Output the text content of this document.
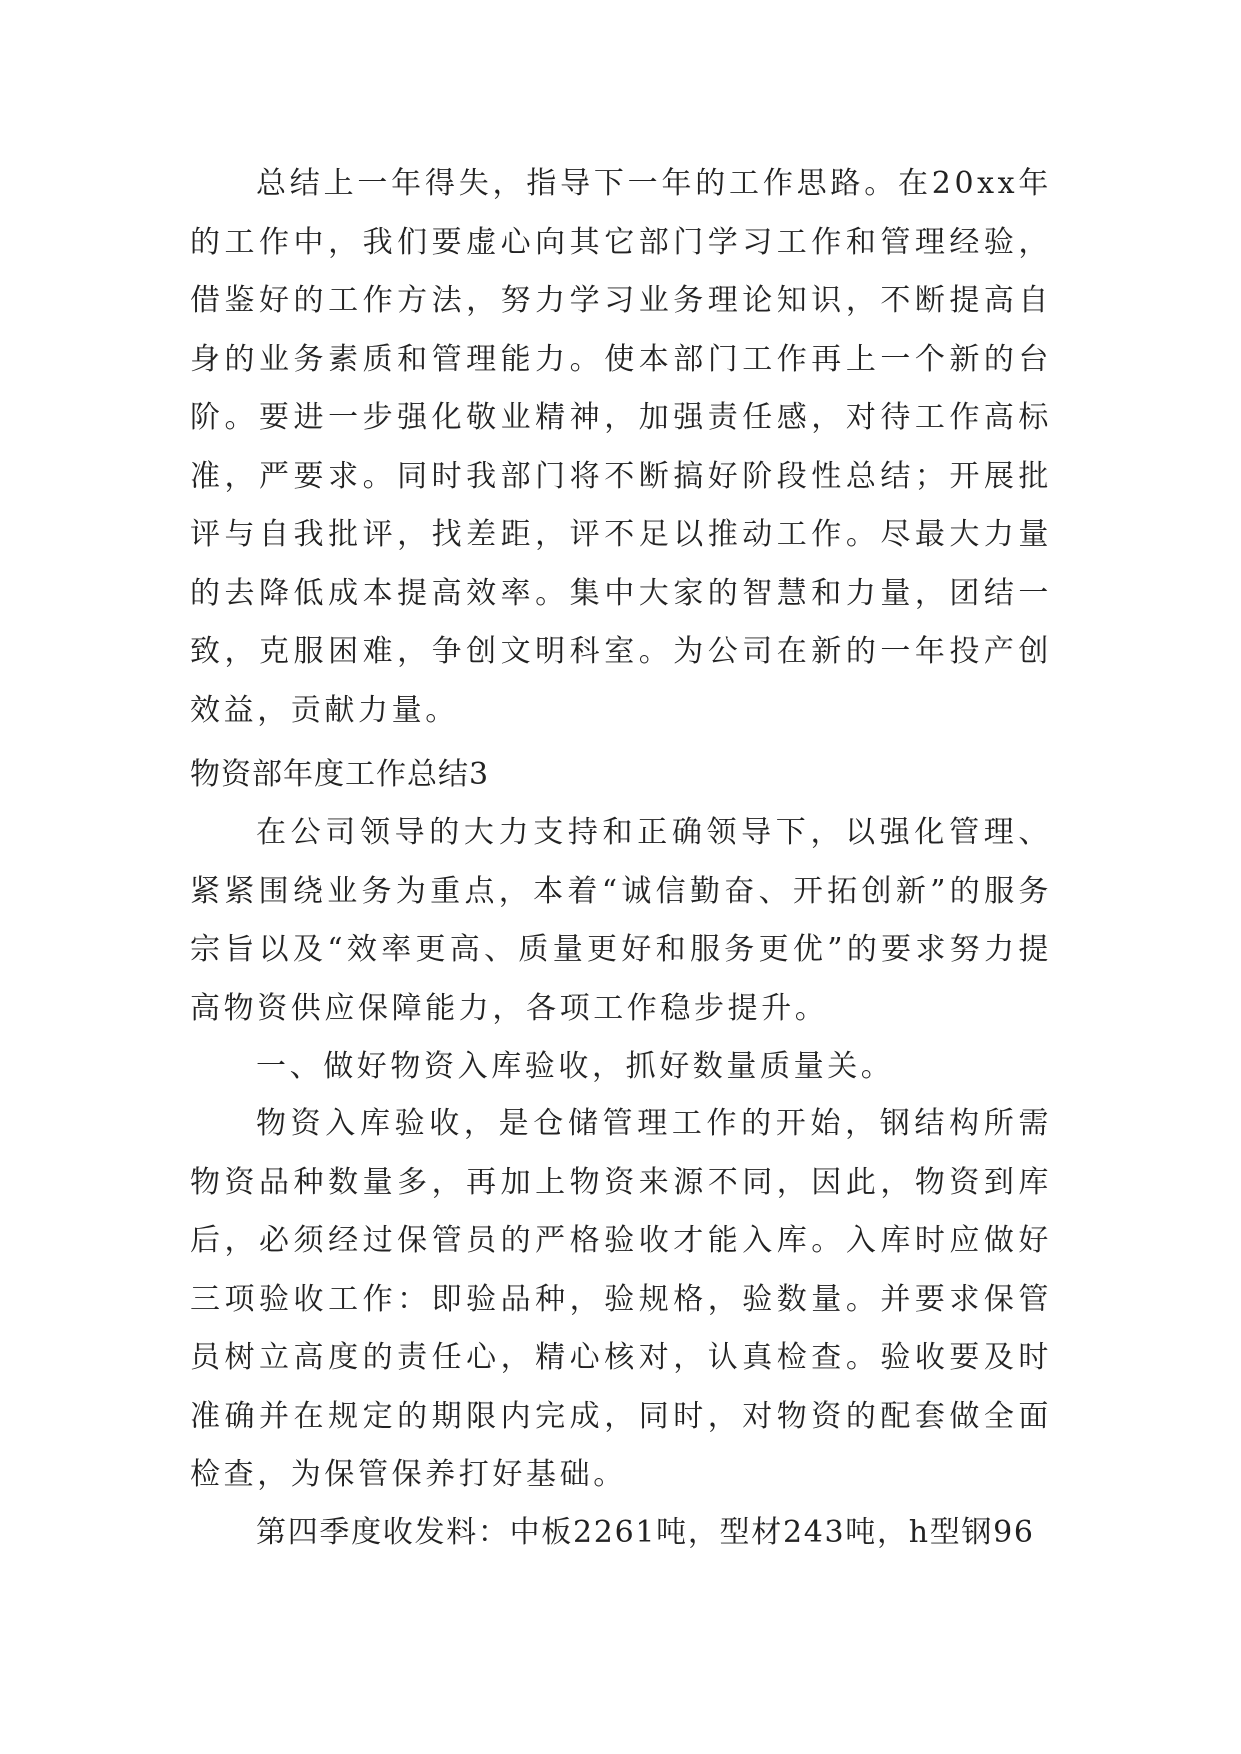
总结上一年得失，指导下一年的工作思路。在20xx年的工作中，我们要虚心向其它部门学习工作和管理经验，借鉴好的工作方法，努力学习业务理论知识，不断提高自身的业务素质和管理能力。使本部门工作再上一个新的台阶。要进一步强化敬业精神，加强责任感，对待工作高标准，严要求。同时我部门将不断搞好阶段性总结；开展批评与自我批评，找差距，评不足以推动工作。尽最大力量的去降低成本提高效率。集中大家的智慧和力量，团结一致，克服困难，争创文明科室。为公司在新的一年投产创效益，贡献力量。

物资部年度工作总结3

在公司领导的大力支持和正确领导下，以强化管理、紧紧围绕业务为重点，本着“诚信勤奋、开拓创新”的服务宗旨以及“效率更高、质量更好和服务更优”的要求努力提高物资供应保障能力，各项工作稳步提升。

一、做好物资入库验收，抓好数量质量关。

物资入库验收，是仓储管理工作的开始，钢结构所需物资品种数量多，再加上物资来源不同，因此，物资到库后，必须经过保管员的严格验收才能入库。入库时应做好三项验收工作：即验品种，验规格，验数量。并要求保管员树立高度的责任心，精心核对，认真检查。验收要及时准确并在规定的期限内完成，同时，对物资的配套做全面检查，为保管保养打好基础。

第四季度收发料：中板2261吨，型材243吨，h型钢96
